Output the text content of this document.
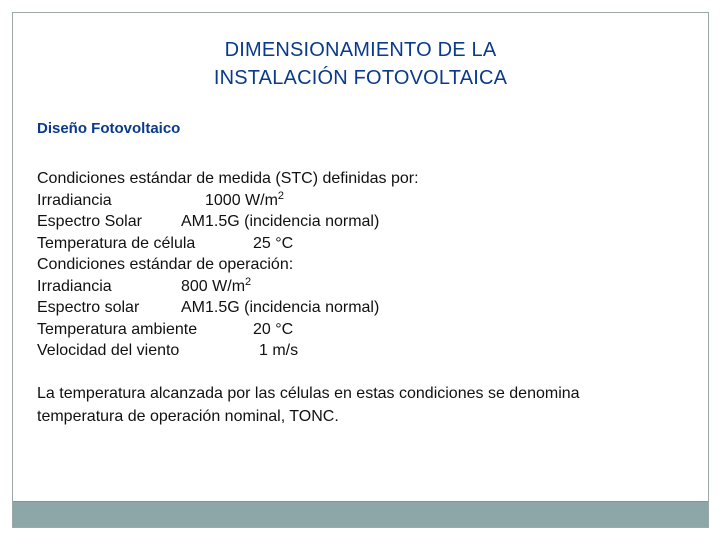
DIMENSIONAMIENTO DE LA
INSTALACIÓN FOTOVOLTAICA
Diseño Fotovoltaico
Condiciones estándar de medida (STC) definidas por:
Irradiancia	1000 $W/m^2$
Espectro Solar AM1.5G (incidencia normal)
Temperatura de célula	25 °C
Condiciones estándar de operación:
Irradiancia	800 $W/m^2$
Espectro solar	AM1.5G (incidencia normal)
Temperatura ambiente	20 °C
Velocidad del viento	1 m/s
La temperatura alcanzada por las células en estas condiciones se denomina
temperatura de operación nominal, TONC.
